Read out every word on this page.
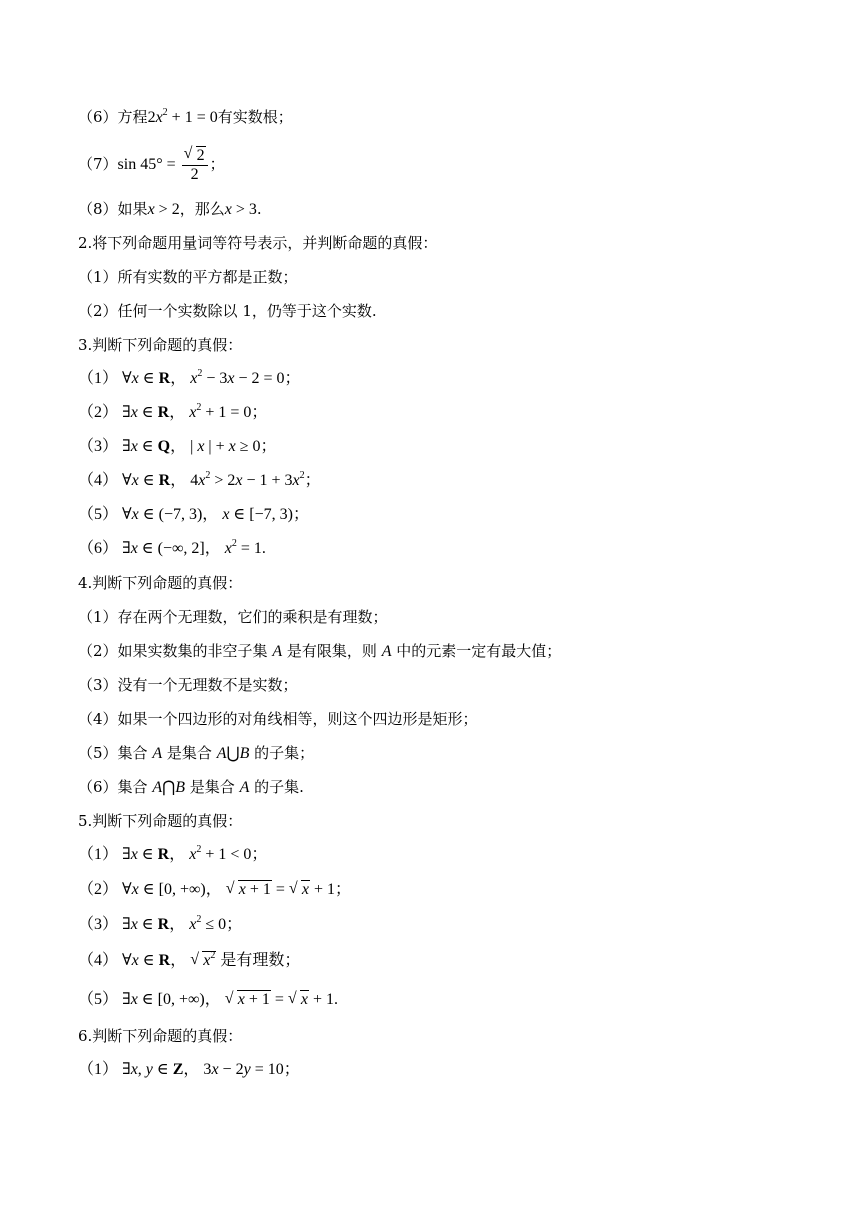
（6）方程$2x^2 + 1 = 0$有实数根；
（7）sin 45° =
√ $\frac{2}{2}$ ；
（8）如果x > 2，那么x > 3.
2.将下列命题用量词等符号表示，并判断命题的真假：
（1）所有实数的平方都是正数；
（2）任何一个实数除以 1，仍等于这个实数.
3.判断下列命题的真假：
（1） ∀x ∈ R， $x^2 - 3x - 2 = 0$；
（2） ∃x ∈ R， $x^2 + 1 = 0$；
（3） ∃x ∈ Q， | x | + x ≥ 0；
（4） ∀x ∈ R， $4x^2 > 2x - 1 + 3x^2$；
（5） ∀x ∈ (−7, 3)， x ∈ [−7, 3)；
（6） ∃x ∈ (−∞, 2]， $x^2 = 1$.
4.判断下列命题的真假：
（1）存在两个无理数，它们的乘积是有理数；
（2）如果实数集的非空子集 A 是有限集，则 A 中的元素一定有最大值；
（3）没有一个无理数不是实数；
（4）如果一个四边形的对角线相等，则这个四边形是矩形；
（5）集合 A 是集合 A⋃B 的子集；
（6）集合 A⋂B 是集合 A 的子集.
5.判断下列命题的真假：
（1） ∃x ∈ R， $x^2 + 1 < 0$；
（2） ∀x ∈ [0, +∞)， √ x + 1 = √ x + 1；
（3） ∃x ∈ R， $x^2 \le 0$；
（4） ∀x ∈ R， √ $x^2$ 是有理数；
（5） ∃x ∈ [0, +∞)， √ x + 1 = √ x + 1.
6.判断下列命题的真假：
（1） ∃x, y ∈ Z， 3x − 2y = 10；
